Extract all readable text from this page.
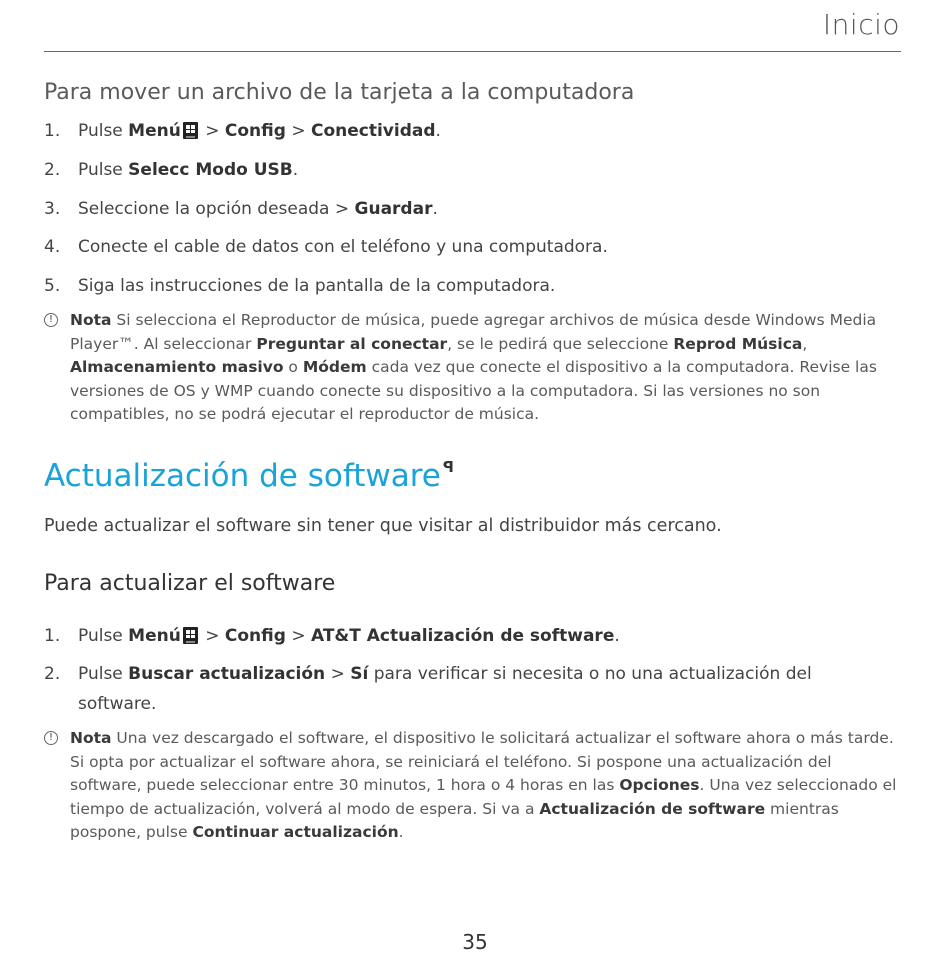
Inicio
Para mover un archivo de la tarjeta a la computadora
1. Pulse Menú > Config > Conectividad.
2. Pulse Selecc Modo USB.
3. Seleccione la opción deseada > Guardar.
4. Conecte el cable de datos con el teléfono y una computadora.
5. Siga las instrucciones de la pantalla de la computadora.
!	Nota Si selecciona el Reproductor de música, puede agregar archivos de música desde Windows Media Player™. Al seleccionar Preguntar al conectar, se le pedirá que seleccione Reprod Música, Almacenamiento masivo o Módem cada vez que conecte el dispositivo a la computadora. Revise las versiones de OS y WMP cuando conecte su dispositivo a la computadora. Si las versiones no son compatibles, no se podrá ejecutar el reproductor de música.
Actualización de software $^ꟼ$
Puede actualizar el software sin tener que visitar al distribuidor más cercano.
Para actualizar el software
1. Pulse Menú > Config > AT&T Actualización de software.
2. Pulse Buscar actualización > Sí para verificar si necesita o no una actualización del software.
!	Nota Una vez descargado el software, el dispositivo le solicitará actualizar el software ahora o más tarde. Si opta por actualizar el software ahora, se reiniciará el teléfono. Si pospone una actualización del software, puede seleccionar entre 30 minutos, 1 hora o 4 horas en las Opciones. Una vez seleccionado el tiempo de actualización, volverá al modo de espera. Si va a Actualización de software mientras pospone, pulse Continuar actualización.
35
